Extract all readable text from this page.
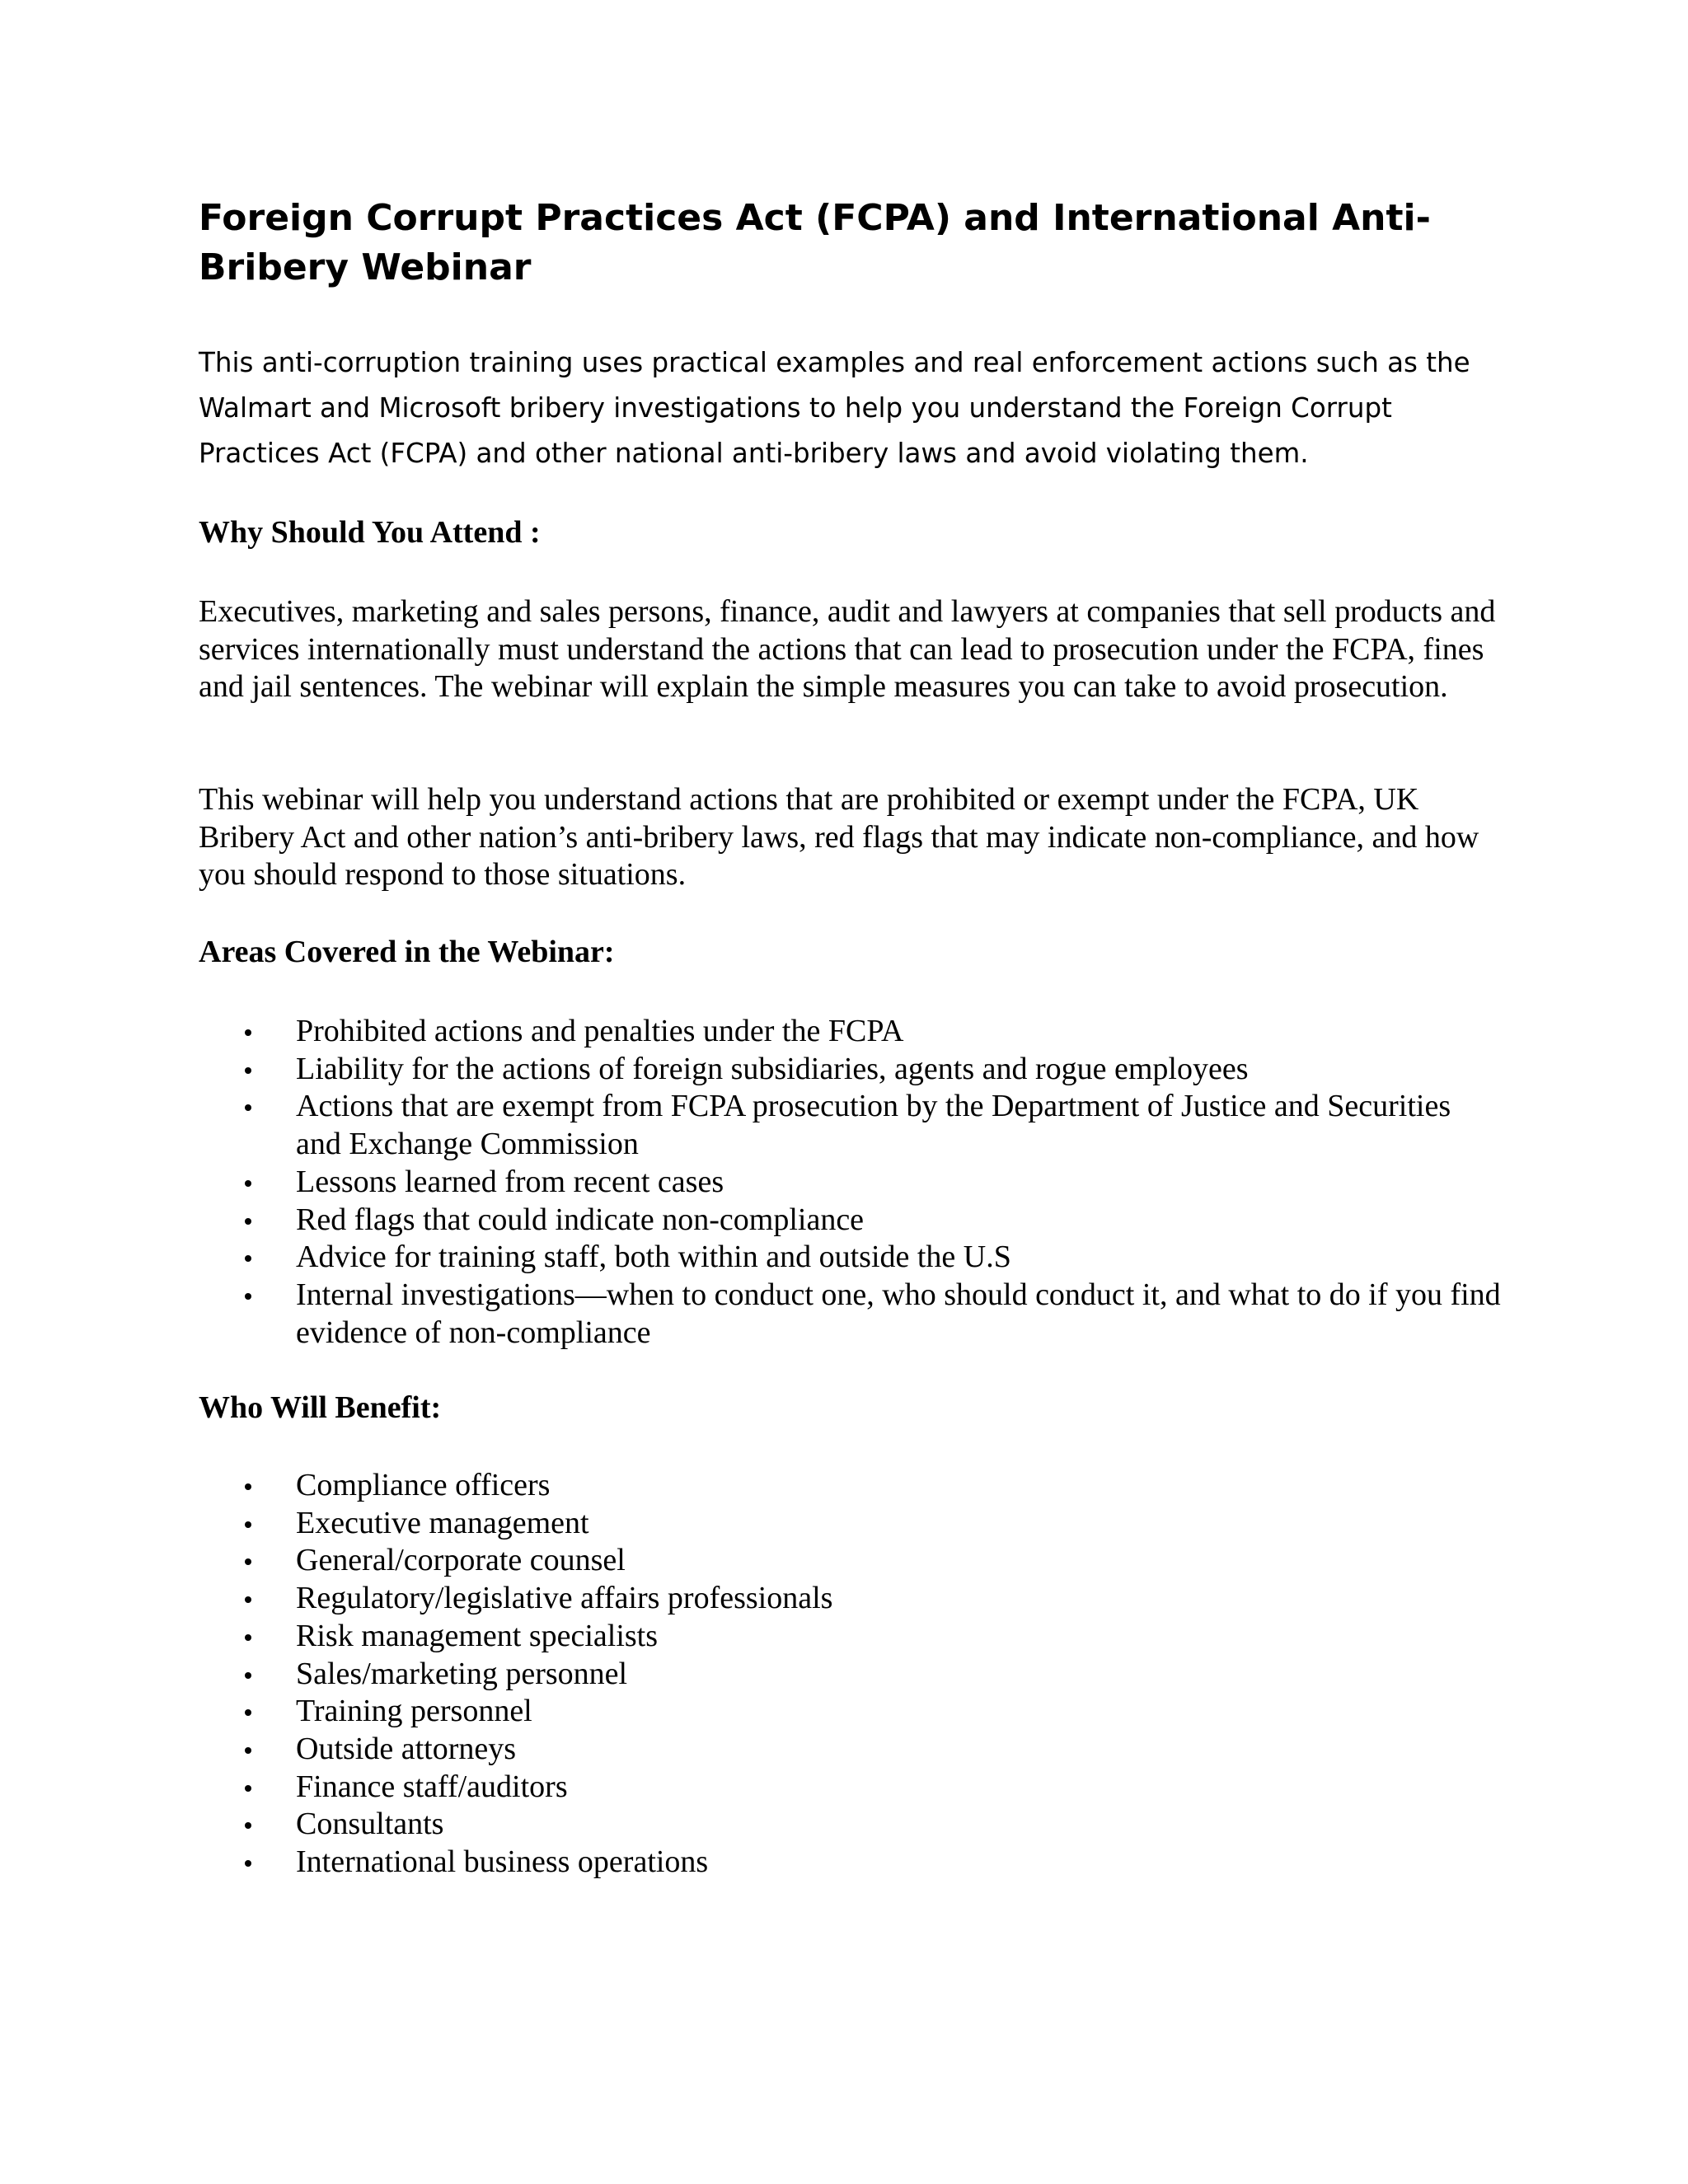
Foreign Corrupt Practices Act (FCPA) and International Anti-Bribery Webinar

This anti-corruption training uses practical examples and real enforcement actions such as the Walmart and Microsoft bribery investigations to help you understand the Foreign Corrupt Practices Act (FCPA) and other national anti-bribery laws and avoid violating them.

Why Should You Attend :

Executives, marketing and sales persons, finance, audit and lawyers at companies that sell products and services internationally must understand the actions that can lead to prosecution under the FCPA, fines and jail sentences. The webinar will explain the simple measures you can take to avoid prosecution.

This webinar will help you understand actions that are prohibited or exempt under the FCPA, UK Bribery Act and other nation’s anti-bribery laws, red flags that may indicate non-compliance, and how you should respond to those situations.

Areas Covered in the Webinar:

Prohibited actions and penalties under the FCPA
Liability for the actions of foreign subsidiaries, agents and rogue employees
Actions that are exempt from FCPA prosecution by the Department of Justice and Securities and Exchange Commission
Lessons learned from recent cases
Red flags that could indicate non-compliance
Advice for training staff, both within and outside the U.S
Internal investigations—when to conduct one, who should conduct it, and what to do if you find evidence of non-compliance

Who Will Benefit:

Compliance officers
Executive management
General/corporate counsel
Regulatory/legislative affairs professionals
Risk management specialists
Sales/marketing personnel
Training personnel
Outside attorneys
Finance staff/auditors
Consultants
International business operations
